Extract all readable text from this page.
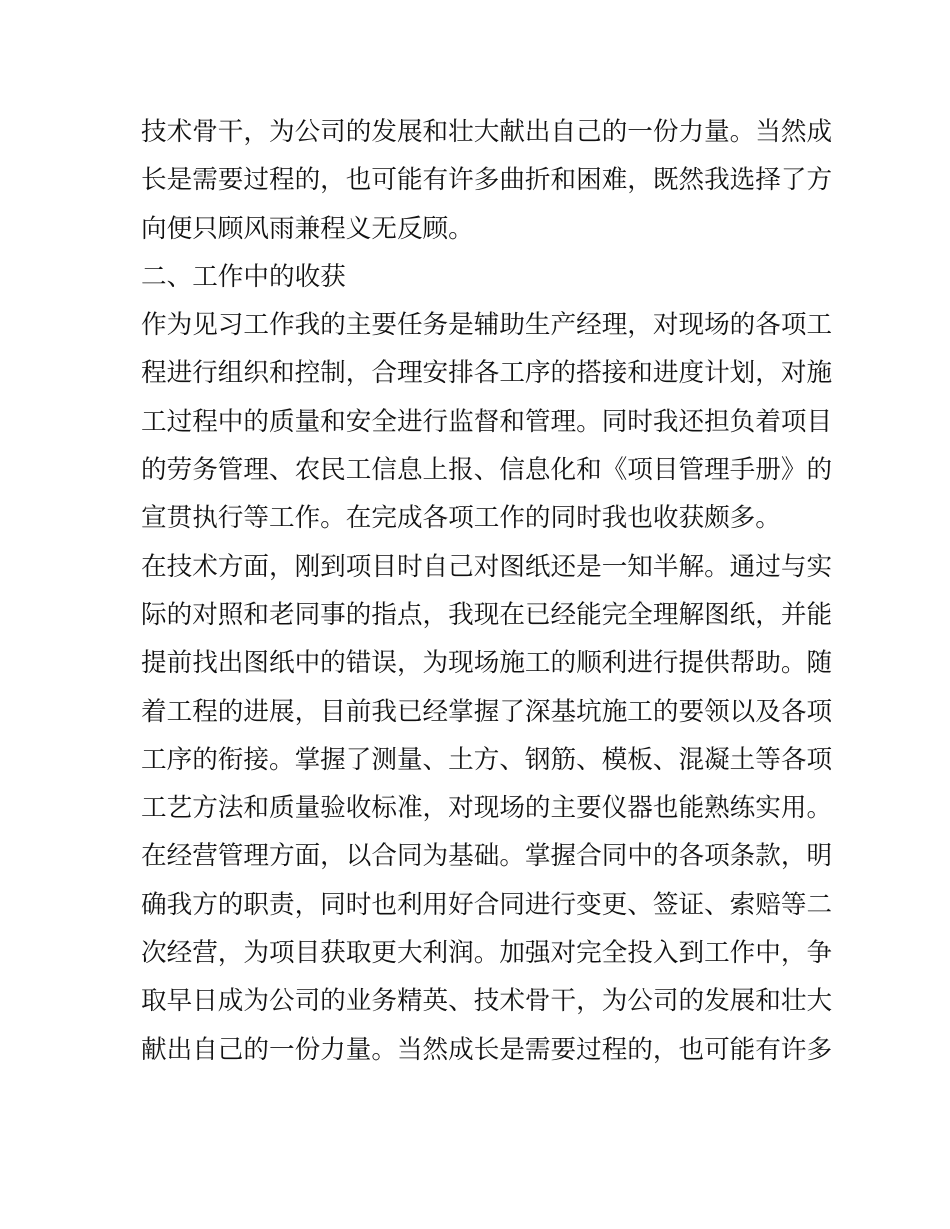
技术骨干，为公司的发展和壮大献出自己的一份力量。当然成
长是需要过程的，也可能有许多曲折和困难，既然我选择了方
向便只顾风雨兼程义无反顾。
二、工作中的收获
作为见习工作我的主要任务是辅助生产经理，对现场的各项工
程进行组织和控制，合理安排各工序的搭接和进度计划，对施
工过程中的质量和安全进行监督和管理。同时我还担负着项目
的劳务管理、农民工信息上报、信息化和《项目管理手册》的
宣贯执行等工作。在完成各项工作的同时我也收获颇多。
在技术方面，刚到项目时自己对图纸还是一知半解。通过与实
际的对照和老同事的指点，我现在已经能完全理解图纸，并能
提前找出图纸中的错误，为现场施工的顺利进行提供帮助。随
着工程的进展，目前我已经掌握了深基坑施工的要领以及各项
工序的衔接。掌握了测量、土方、钢筋、模板、混凝土等各项
工艺方法和质量验收标准，对现场的主要仪器也能熟练实用。
在经营管理方面，以合同为基础。掌握合同中的各项条款，明
确我方的职责，同时也利用好合同进行变更、签证、索赔等二
次经营，为项目获取更大利润。加强对完全投入到工作中，争
取早日成为公司的业务精英、技术骨干，为公司的发展和壮大
献出自己的一份力量。当然成长是需要过程的，也可能有许多
